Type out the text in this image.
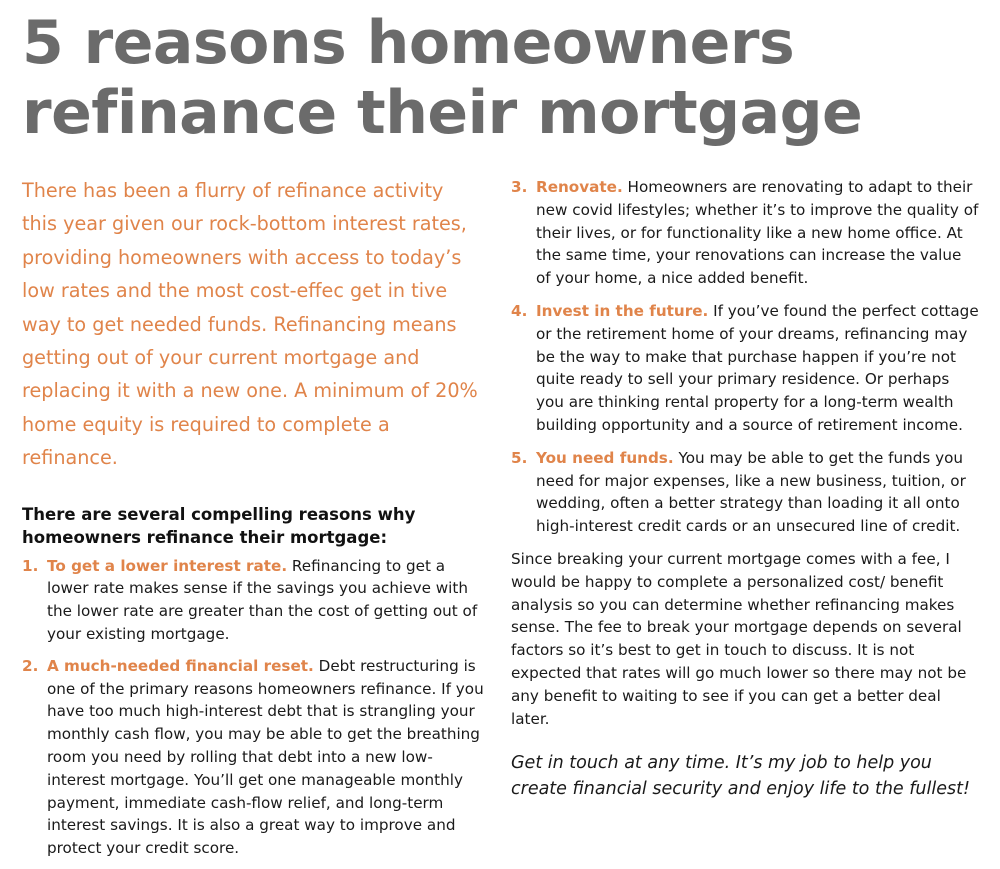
5 reasons homeowners refinance their mortgage

There has been a flurry of refinance activity this year given our rock-bottom interest rates, providing homeowners with access to today’s low rates and the most cost-effec get in tive way to get needed funds. Refinancing means getting out of your current mortgage and replacing it with a new one. A minimum of 20% home equity is required to complete a refinance.

There are several compelling reasons why homeowners refinance their mortgage:

1. To get a lower interest rate. Refinancing to get a lower rate makes sense if the savings you achieve with the lower rate are greater than the cost of getting out of your existing mortgage.
2. A much-needed financial reset. Debt restructuring is one of the primary reasons homeowners refinance. If you have too much high-interest debt that is strangling your monthly cash flow, you may be able to get the breathing room you need by rolling that debt into a new low-interest mortgage. You’ll get one manageable monthly payment, immediate cash-flow relief, and long-term interest savings. It is also a great way to improve and protect your credit score.
3. Renovate. Homeowners are renovating to adapt to their new covid lifestyles; whether it’s to improve the quality of their lives, or for functionality like a new home office. At the same time, your renovations can increase the value of your home, a nice added benefit.
4. Invest in the future. If you’ve found the perfect cottage or the retirement home of your dreams, refinancing may be the way to make that purchase happen if you’re not quite ready to sell your primary residence. Or perhaps you are thinking rental property for a long-term wealth building opportunity and a source of retirement income.
5. You need funds. You may be able to get the funds you need for major expenses, like a new business, tuition, or wedding, often a better strategy than loading it all onto high-interest credit cards or an unsecured line of credit.

Since breaking your current mortgage comes with a fee, I would be happy to complete a personalized cost/ benefit analysis so you can determine whether refinancing makes sense. The fee to break your mortgage depends on several factors so it’s best to get in touch to discuss. It is not expected that rates will go much lower so there may not be any benefit to waiting to see if you can get a better deal later.

Get in touch at any time. It’s my job to help you create financial security and enjoy life to the fullest!
